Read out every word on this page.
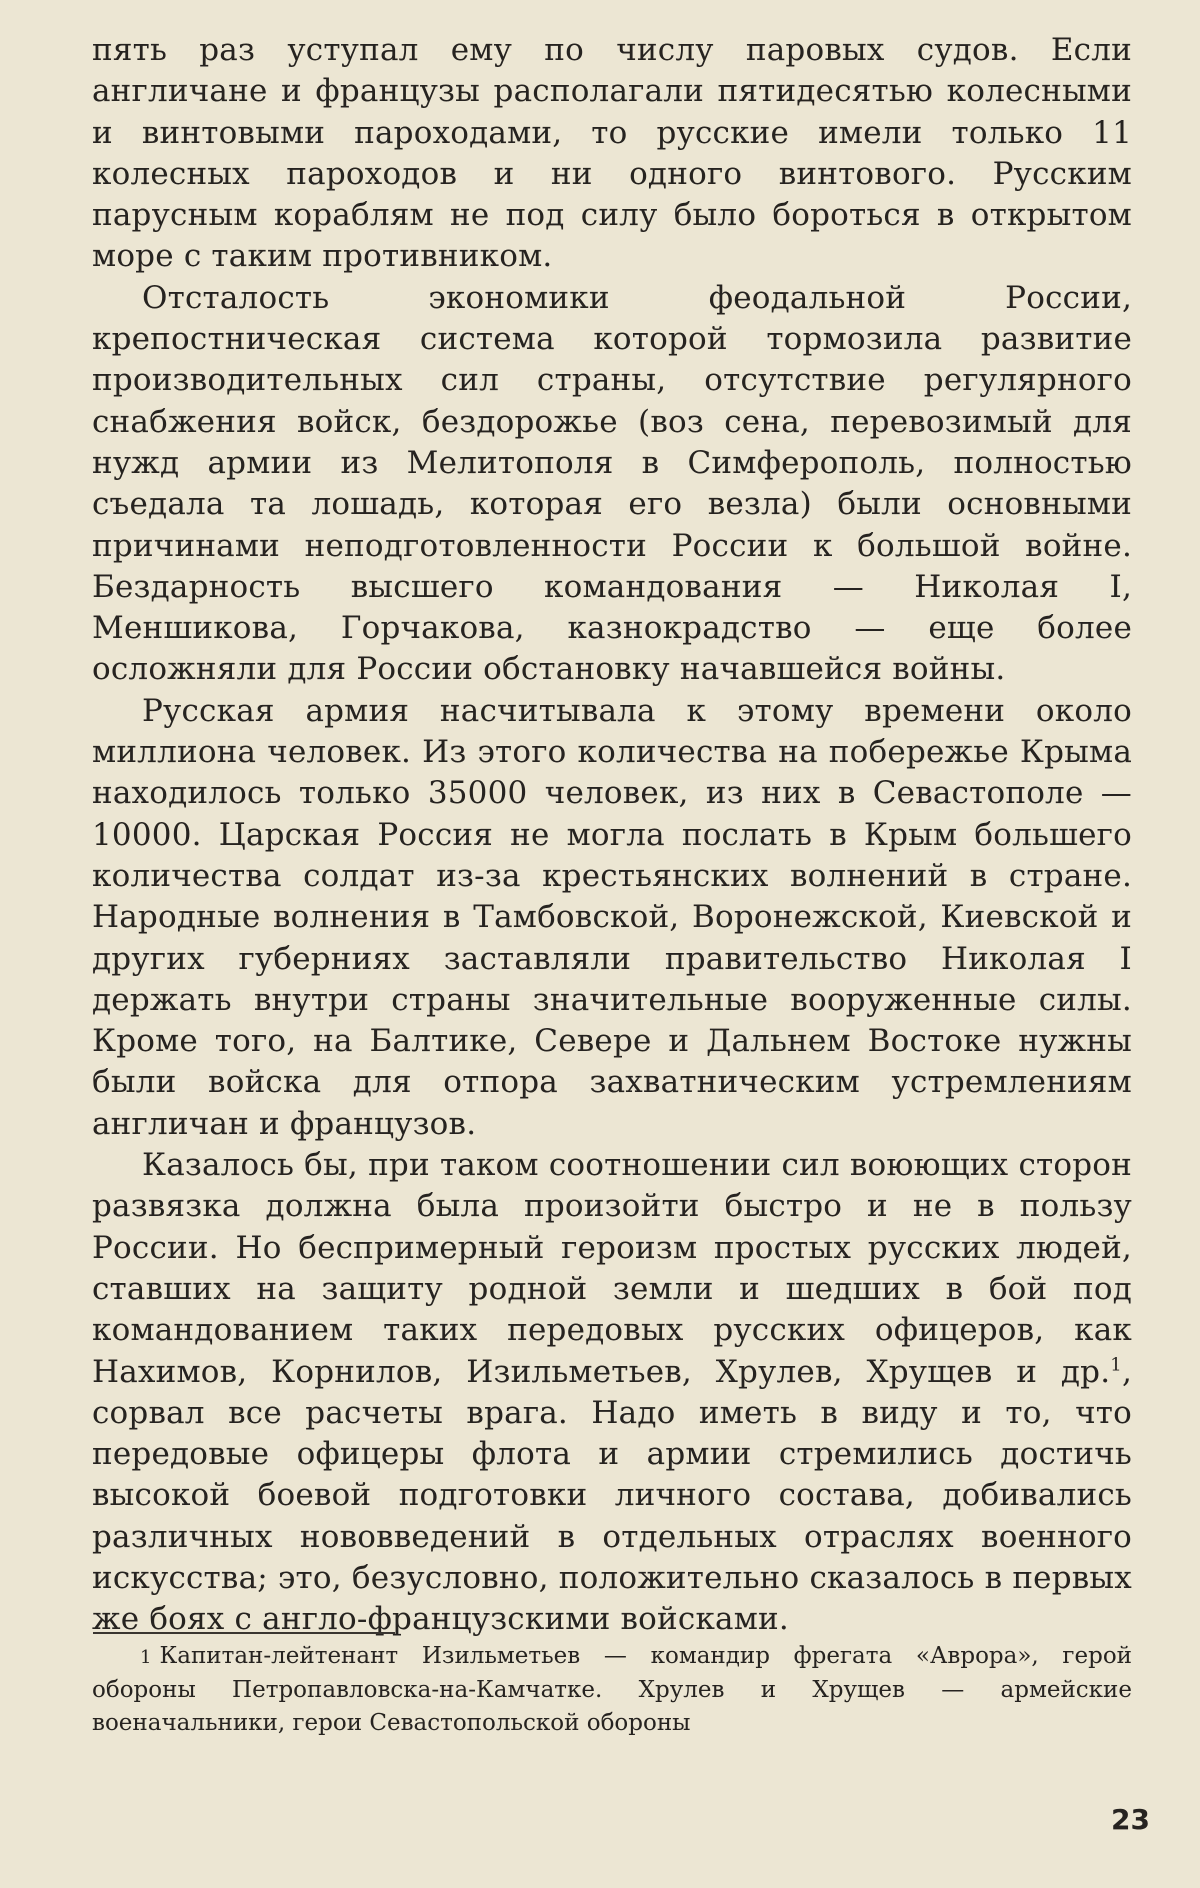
пять раз уступал ему по числу паровых судов. Если англичане и французы располагали пятидесятью колесными и винтовыми пароходами, то русские имели только 11 колесных пароходов и ни одного винтового. Русским парусным кораблям не под силу было бороться в открытом море с таким противником.

Отсталость экономики феодальной России, крепостническая система которой тормозила развитие производительных сил страны, отсутствие регулярного снабжения войск, бездорожье (воз сена, перевозимый для нужд армии из Мелитополя в Симферополь, полностью съедала та лошадь, которая его везла) были основными причинами неподготовленности России к большой войне. Бездарность высшего командования — Николая I, Меншикова, Горчакова, казнокрадство — еще более осложняли для России обстановку начавшейся войны.

Русская армия насчитывала к этому времени около миллиона человек. Из этого количества на побережье Крыма находилось только 35000 человек, из них в Севастополе — 10000. Царская Россия не могла послать в Крым большего количества солдат из-за крестьянских волнений в стране. Народные волнения в Тамбовской, Воронежской, Киевской и других губерниях заставляли правительство Николая I держать внутри страны значительные вооруженные силы. Кроме того, на Балтике, Севере и Дальнем Востоке нужны были войска для отпора захватническим устремлениям англичан и французов.

Казалось бы, при таком соотношении сил воюющих сторон развязка должна была произойти быстро и не в пользу России. Но беспримерный героизм простых русских людей, ставших на защиту родной земли и шедших в бой под командованием таких передовых русских офицеров, как Нахимов, Корнилов, Изильметьев, Хрулев, Хрущев и др.$^1$, сорвал все расчеты врага. Надо иметь в виду и то, что передовые офицеры флота и армии стремились достичь высокой боевой подготовки личного состава, добивались различных нововведений в отдельных отраслях военного искусства; это, безусловно, положительно сказалось в первых же боях с англо-французскими войсками.

1 Капитан-лейтенант Изильметьев — командир фрегата «Аврора», герой обороны Петропавловска-на-Камчатке. Хрулев и Хрущев — армейские военачальники, герои Севастопольской обороны

23
